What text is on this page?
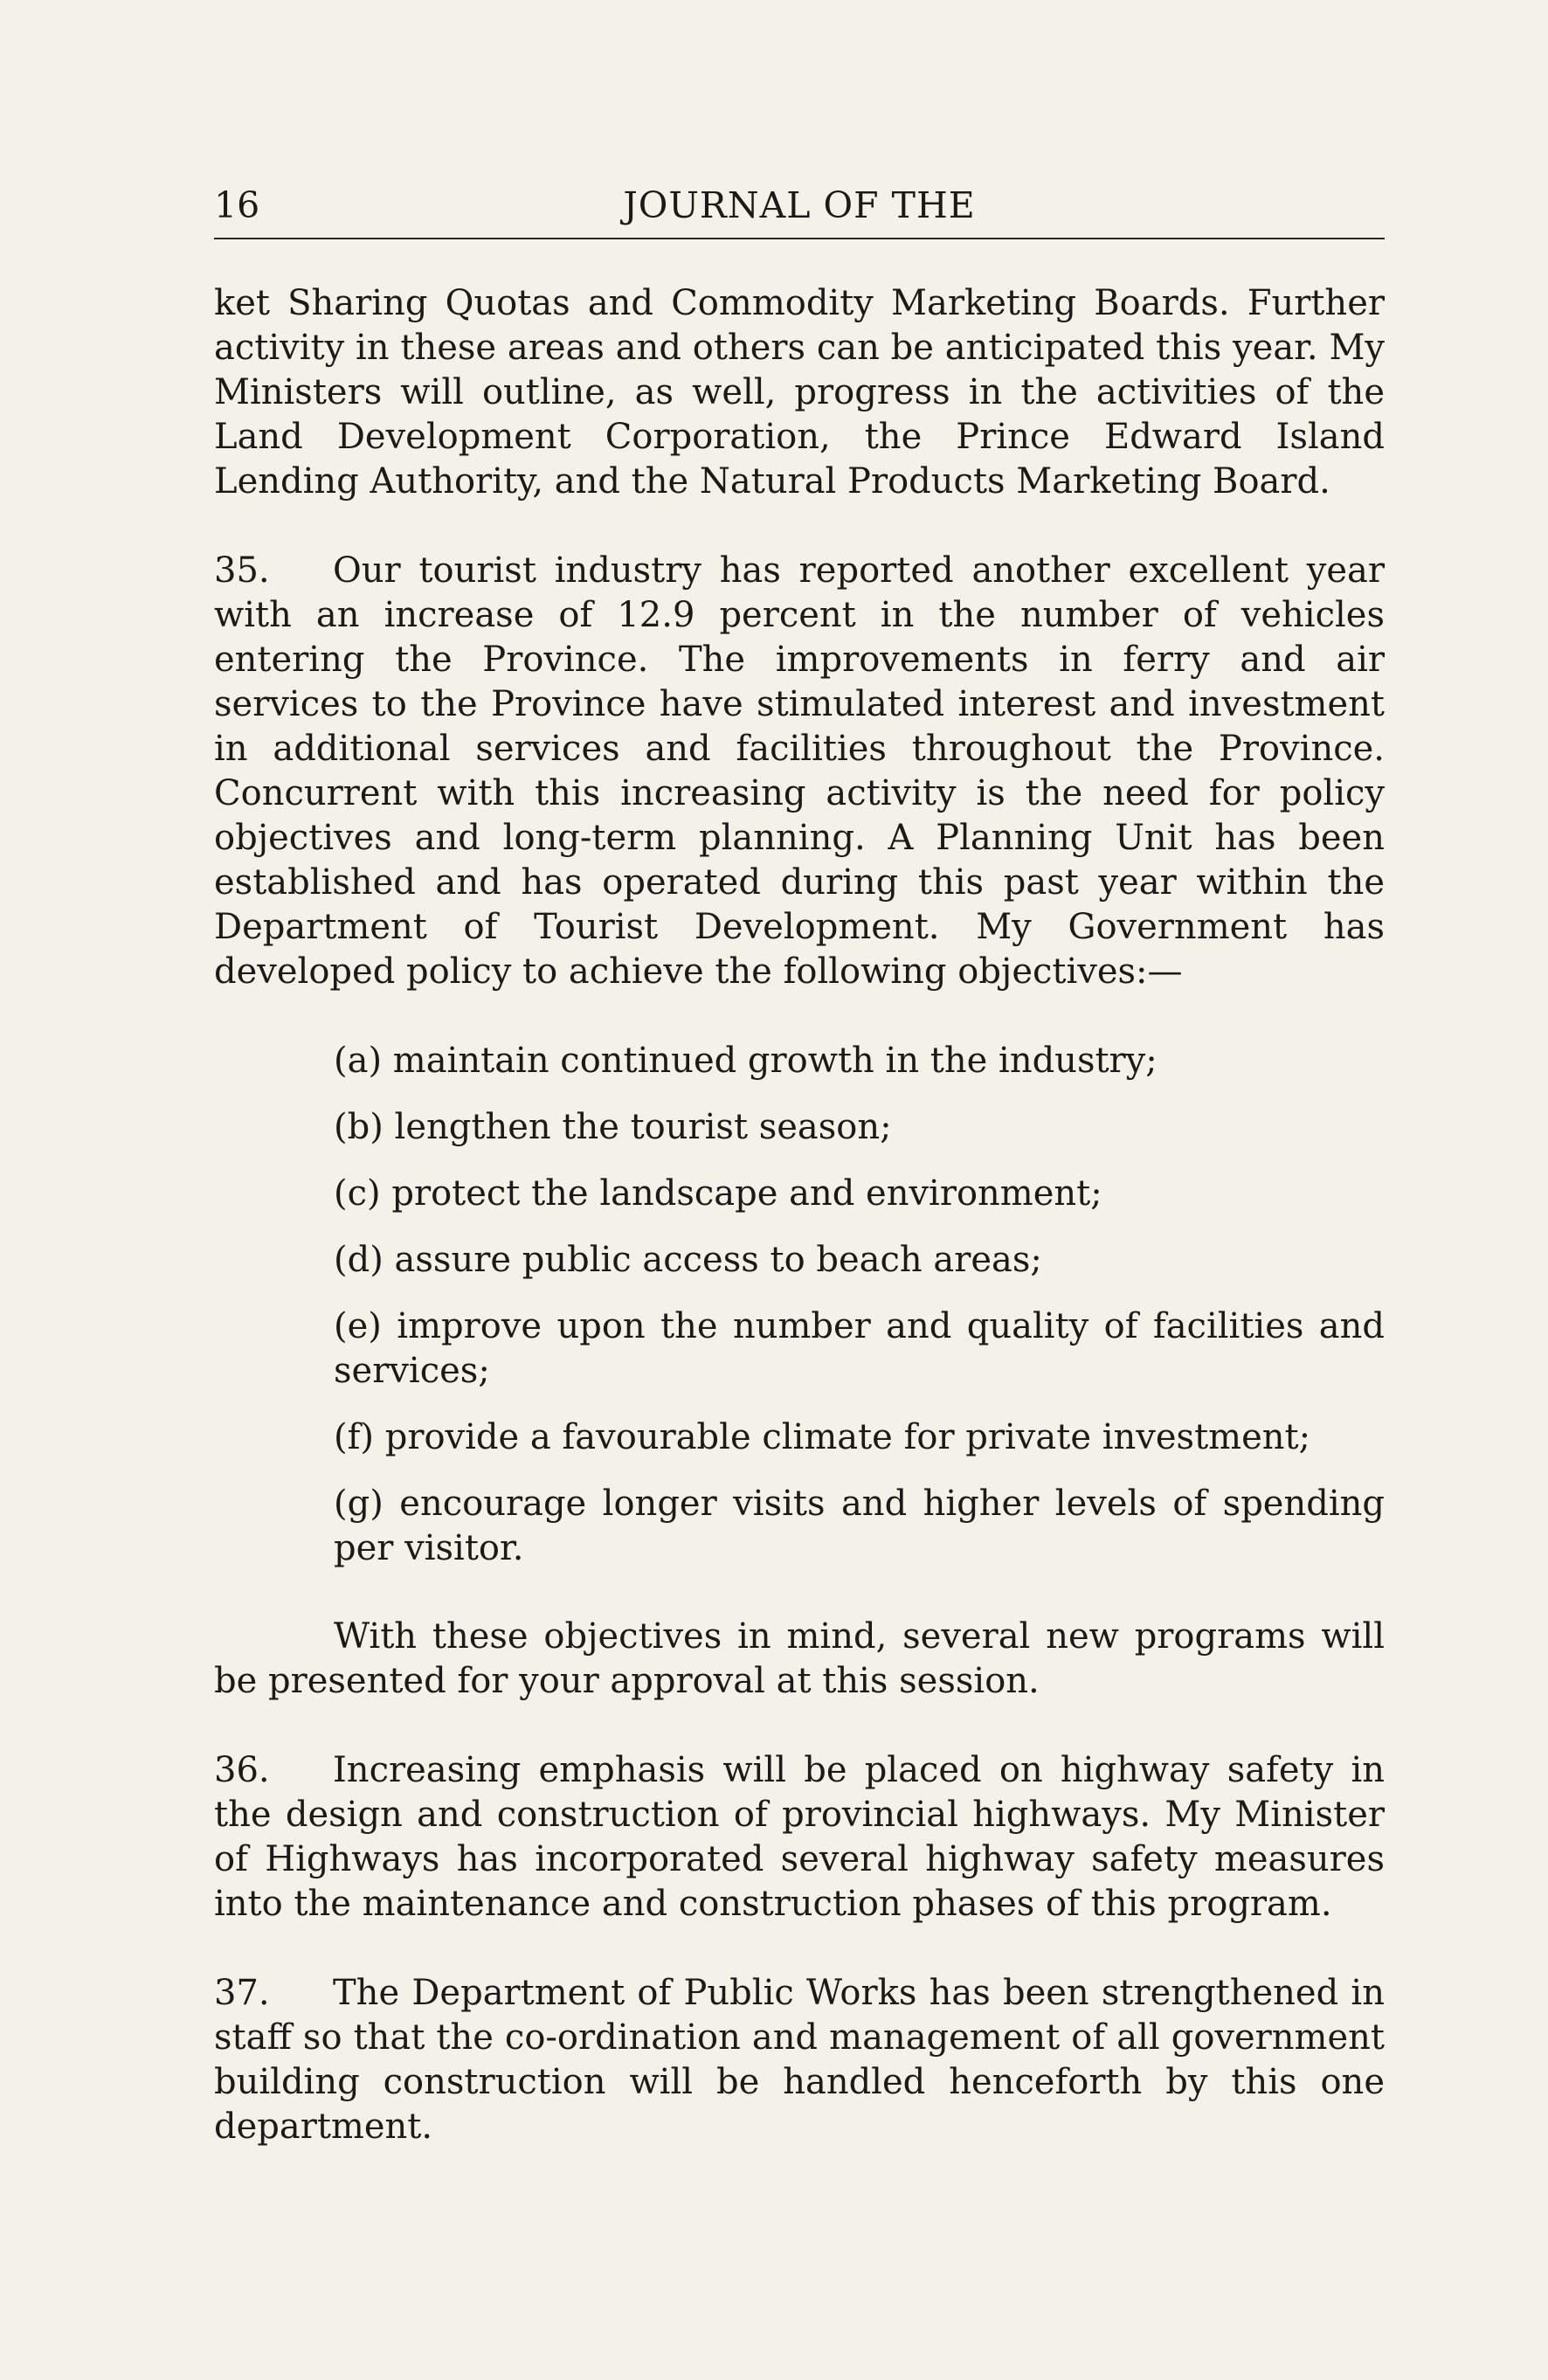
16	JOURNAL OF THE

ket Sharing Quotas and Commodity Marketing Boards. Further activity in these areas and others can be anticipated this year. My Ministers will outline, as well, progress in the activities of the Land Development Corporation, the Prince Edward Island Lending Authority, and the Natural Products Marketing Board.

35. Our tourist industry has reported another excellent year with an increase of 12.9 percent in the number of vehicles entering the Province. The improvements in ferry and air services to the Province have stimulated interest and investment in additional services and facilities throughout the Province. Concurrent with this increasing activity is the need for policy objectives and long-term planning. A Planning Unit has been established and has operated during this past year within the Department of Tourist Development. My Government has developed policy to achieve the following objectives:—

(a) maintain continued growth in the industry;
(b) lengthen the tourist season;
(c) protect the landscape and environment;
(d) assure public access to beach areas;
(e) improve upon the number and quality of facilities and services;
(f) provide a favourable climate for private investment;
(g) encourage longer visits and higher levels of spending per visitor.

With these objectives in mind, several new programs will be presented for your approval at this session.

36. Increasing emphasis will be placed on highway safety in the design and construction of provincial highways. My Minister of Highways has incorporated several highway safety measures into the maintenance and construction phases of this program.

37. The Department of Public Works has been strengthened in staff so that the co-ordination and management of all government building construction will be handled henceforth by this one department.
